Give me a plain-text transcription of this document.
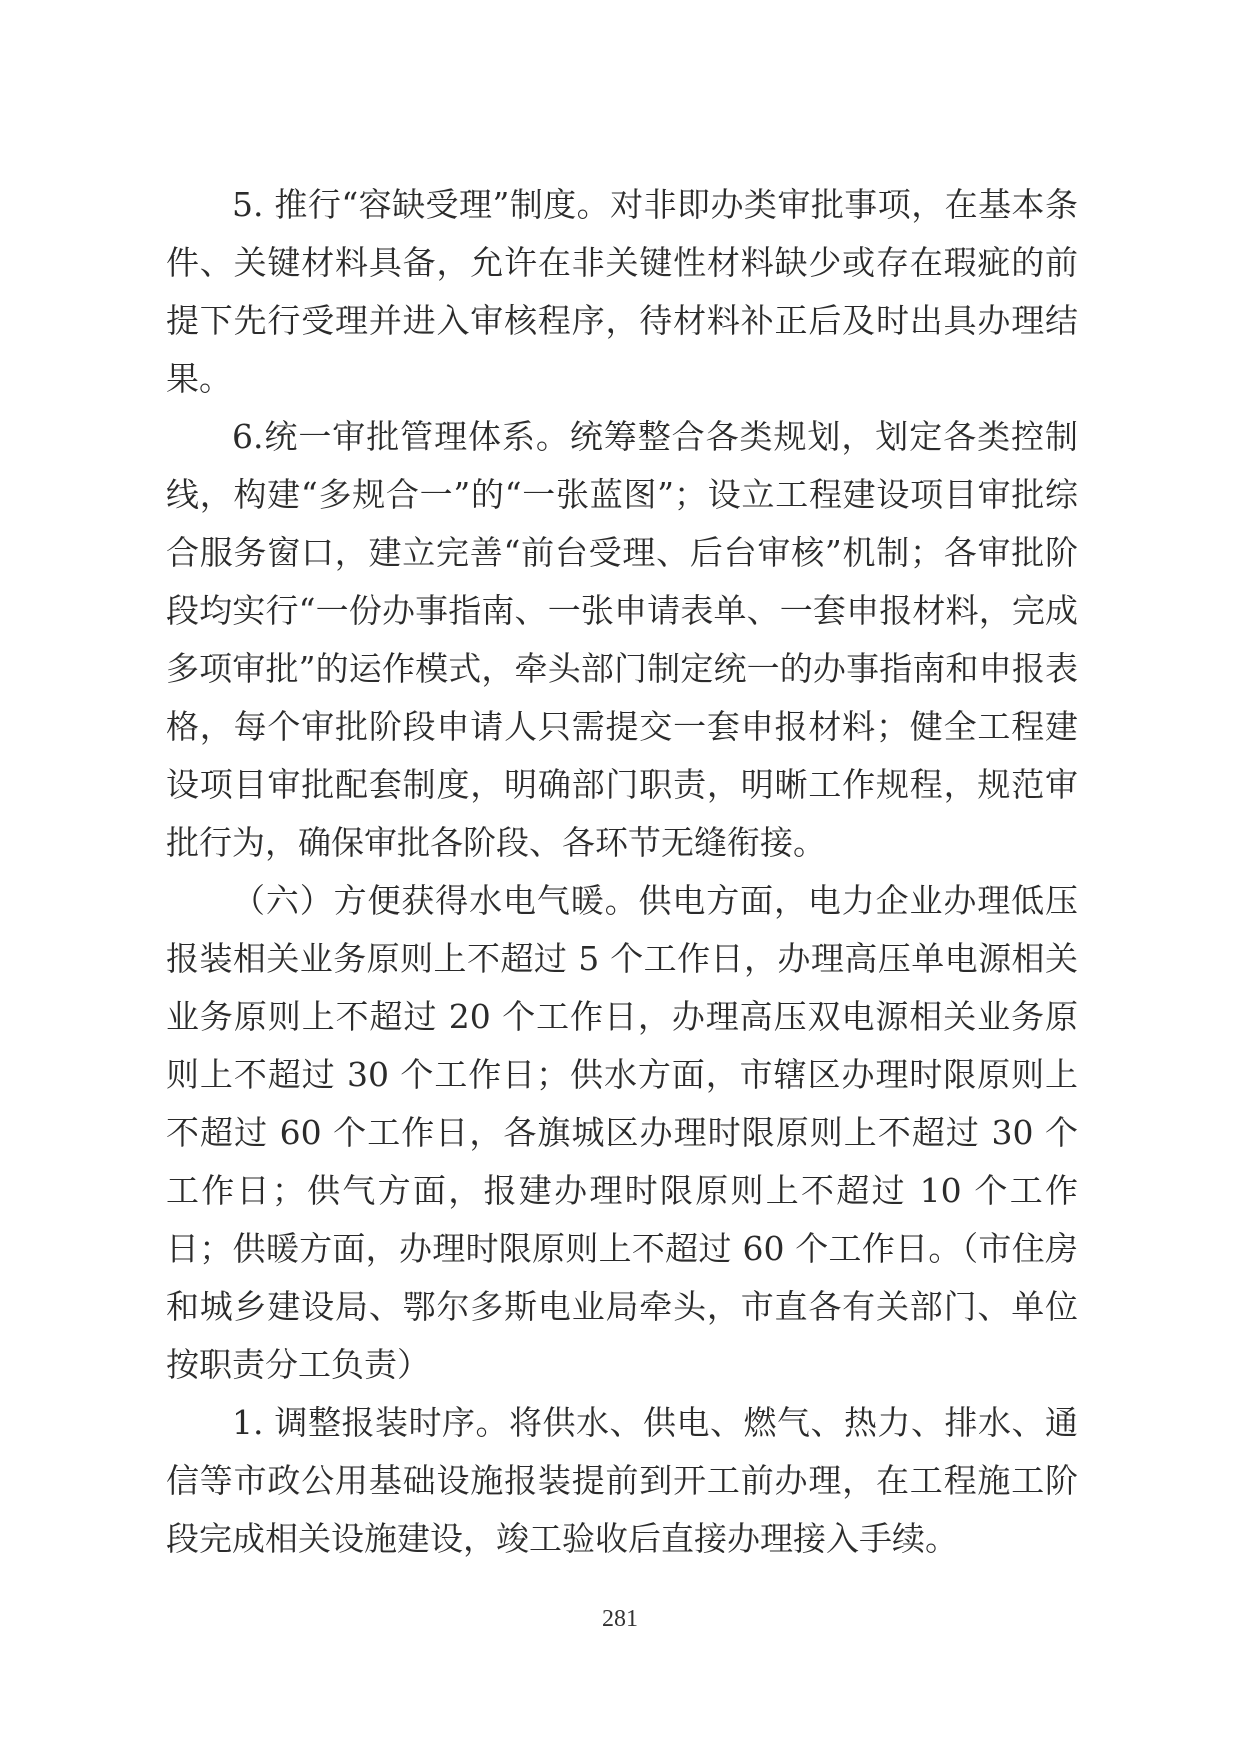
5. 推行“容缺受理”制度。对非即办类审批事项，在基本条件、关键材料具备，允许在非关键性材料缺少或存在瑕疵的前提下先行受理并进入审核程序，待材料补正后及时出具办理结果。

6.统一审批管理体系。统筹整合各类规划，划定各类控制线，构建“多规合一”的“一张蓝图”；设立工程建设项目审批综合服务窗口，建立完善“前台受理、后台审核”机制；各审批阶段均实行“一份办事指南、一张申请表单、一套申报材料，完成多项审批”的运作模式，牵头部门制定统一的办事指南和申报表格，每个审批阶段申请人只需提交一套申报材料；健全工程建设项目审批配套制度，明确部门职责，明晰工作规程，规范审批行为，确保审批各阶段、各环节无缝衔接。

（六）方便获得水电气暖。供电方面，电力企业办理低压报装相关业务原则上不超过 5 个工作日，办理高压单电源相关业务原则上不超过 20 个工作日，办理高压双电源相关业务原则上不超过 30 个工作日；供水方面，市辖区办理时限原则上不超过 60 个工作日，各旗城区办理时限原则上不超过 30 个工作日；供气方面，报建办理时限原则上不超过 10 个工作日；供暖方面，办理时限原则上不超过 60 个工作日。（市住房和城乡建设局、鄂尔多斯电业局牵头，市直各有关部门、单位按职责分工负责）

1. 调整报装时序。将供水、供电、燃气、热力、排水、通信等市政公用基础设施报装提前到开工前办理，在工程施工阶段完成相关设施建设，竣工验收后直接办理接入手续。

281
